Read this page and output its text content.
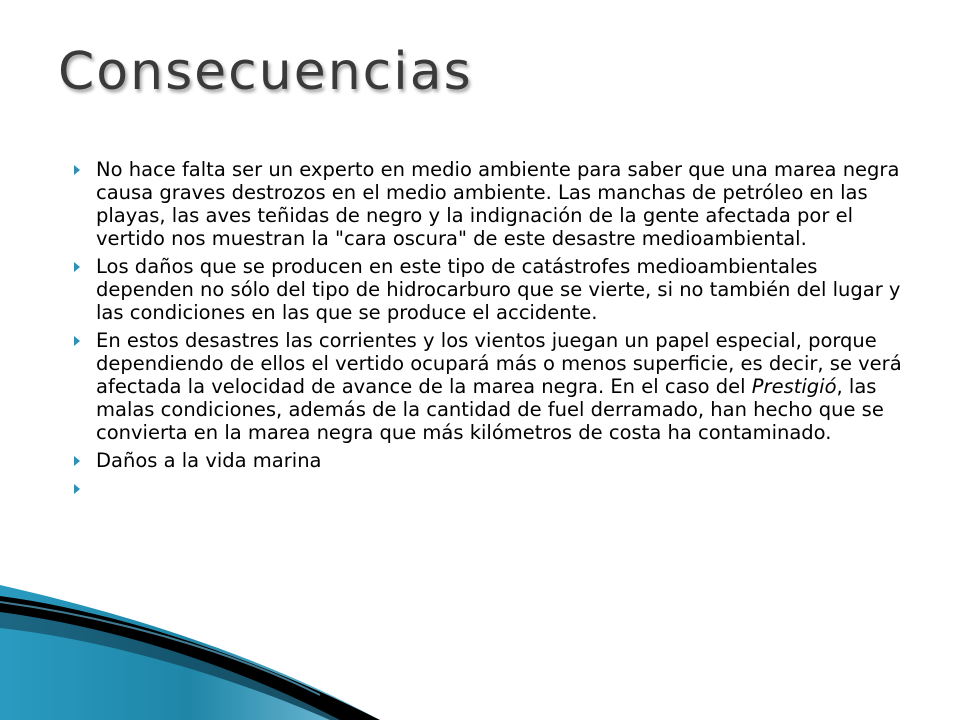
Consecuencias
No hace falta ser un experto en medio ambiente para saber que una marea negra causa graves destrozos en el medio ambiente. Las manchas de petróleo en las playas, las aves teñidas de negro y la indignación de la gente afectada por el vertido nos muestran la "cara oscura" de este desastre medioambiental.
Los daños que se producen en este tipo de catástrofes medioambientales dependen no sólo del tipo de hidrocarburo que se vierte, si no también del lugar y las condiciones en las que se produce el accidente.
En estos desastres las corrientes y los vientos juegan un papel especial, porque dependiendo de ellos el vertido ocupará más o menos superficie, es decir, se verá afectada la velocidad de avance de la marea negra. En el caso del Prestigió, las malas condiciones, además de la cantidad de fuel derramado, han hecho que se convierta en la marea negra que más kilómetros de costa ha contaminado.
Daños a la vida marina
